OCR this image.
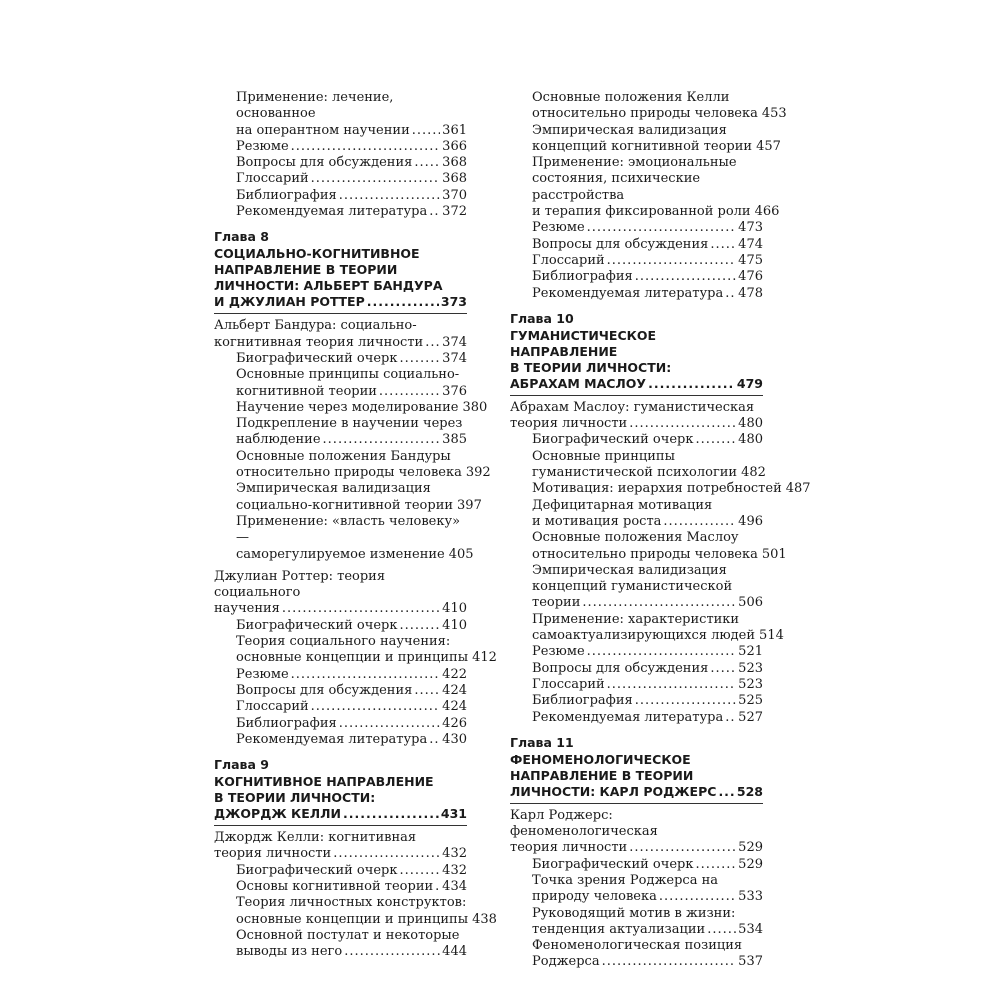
Применение: лечение, основанное
на оперантном научении ..... 361
Резюме .....	366
Вопросы для обсуждения ..... 368
Глоссарий .....	368
Библиография .....	370
Рекомендуемая литература ..... 372
Глава 8
СОЦИАЛЬНО-КОГНИТИВНОЕ
НАПРАВЛЕНИЕ В ТЕОРИИ
ЛИЧНОСТИ: АЛЬБЕРТ БАНДУРА
И ДЖУЛИАН РОТТЕР .....	373
Альберт Бандура: социально-
когнитивная теория личности ..... 374
Биографический очерк .....	374
Основные принципы социально-
когнитивной теории .....	376
Научение через моделирование 380
Подкрепление в научении через
наблюдение .....	385
Основные положения Бандуры
относительно природы человека 392
Эмпирическая валидизация
социально-когнитивной теории 397
Применение: «власть человеку» —
саморегулируемое изменение 405
Джулиан Роттер: теория социального
научения .....	410
Биографический очерк .....	410
Теория социального научения:
основные концепции и принципы 412
Резюме .....	422
Вопросы для обсуждения ..... 424
Глоссарий .....	424
Библиография .....	426
Рекомендуемая литература ..... 430
Глава 9
КОГНИТИВНОЕ НАПРАВЛЕНИЕ
В ТЕОРИИ ЛИЧНОСТИ:
ДЖОРДЖ КЕЛЛИ .....	431
Джордж Келли: когнитивная
теория личности .....	432
Биографический очерк .....	432
Основы когнитивной теории ..... 434
Теория личностных конструктов:
основные концепции и принципы 438
Основной постулат и некоторые
выводы из него .....	444
Основные положения Келли
относительно природы человека 453
Эмпирическая валидизация
концепций когнитивной теории 457
Применение: эмоциональные
состояния, психические расстройства
и терапия фиксированной роли 466
Резюме .....	473
Вопросы для обсуждения ..... 474
Глоссарий .....	475
Библиография .....	476
Рекомендуемая литература ..... 478
Глава 10
ГУМАНИСТИЧЕСКОЕ НАПРАВЛЕНИЕ
В ТЕОРИИ ЛИЧНОСТИ:
АБРАХАМ МАСЛОУ .....	479
Абрахам Маслоу: гуманистическая
теория личности .....	480
Биографический очерк .....	480
Основные принципы
гуманистической психологии 482
Мотивация: иерархия потребностей 487
Дефицитарная мотивация
и мотивация роста .....	496
Основные положения Маслоу
относительно природы человека 501
Эмпирическая валидизация
концепций гуманистической
теории .....	506
Применение: характеристики
самоактуализирующихся людей 514
Резюме .....	521
Вопросы для обсуждения ..... 523
Глоссарий .....	523
Библиография .....	525
Рекомендуемая литература ..... 527
Глава 11
ФЕНОМЕНОЛОГИЧЕСКОЕ
НАПРАВЛЕНИЕ В ТЕОРИИ
ЛИЧНОСТИ: КАРЛ РОДЖЕРС ..... 528
Карл Роджерс: феноменологическая
теория личности .....	529
Биографический очерк .....	529
Точка зрения Роджерса на
природу человека .....	533
Руководящий мотив в жизни:
тенденция актуализации .....	534
Феноменологическая позиция
Роджерса .....	537
